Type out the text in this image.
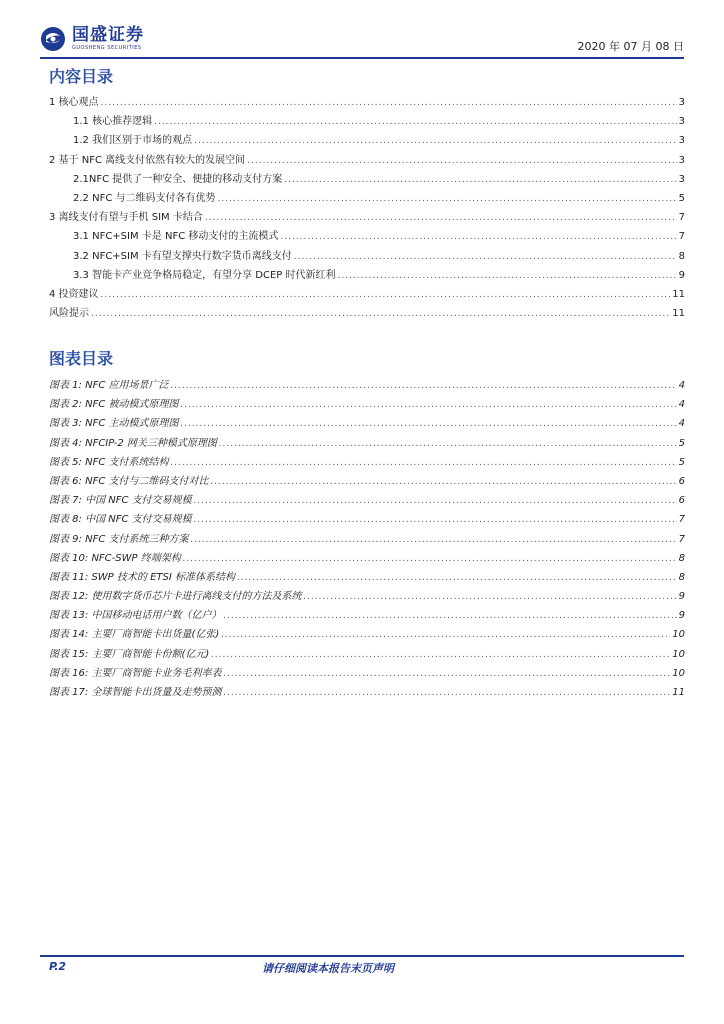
国盛证券
GUOSHENG SECURITIES	2020 年 07 月 08 日
内容目录
1 核心观点 .....	3
1.1 核心推荐逻辑 .....	3
1.2 我们区别于市场的观点 .....	3
2 基于 NFC 离线支付依然有较大的发展空间 .....	3
2.1NFC 提供了一种安全、便捷的移动支付方案 .....	3
2.2 NFC 与二维码支付各有优势 .....	5
3 离线支付有望与手机 SIM 卡结合 .....	7
3.1 NFC+SIM 卡是 NFC 移动支付的主流模式 .....	7
3.2 NFC+SIM 卡有望支撑央行数字货币离线支付 .....	8
3.3 智能卡产业竞争格局稳定，有望分享 DCEP 时代新红利 .....	9
4 投资建议 .....	11
风险提示 .....	11
图表目录
图表 1: NFC 应用场景广泛 .....	4
图表 2: NFC 被动模式原理图 .....	4
图表 3: NFC 主动模式原理图 .....	4
图表 4: NFCIP-2 网关三种模式原理图 .....	5
图表 5: NFC 支付系统结构 .....	5
图表 6: NFC 支付与二维码支付对比 .....	6
图表 7: 中国 NFC 支付交易规模 .....	6
图表 8: 中国 NFC 支付交易规模 .....	7
图表 9: NFC 支付系统三种方案 .....	7
图表 10: NFC-SWP 终端架构 .....	8
图表 11: SWP 技术的 ETSI 标准体系结构 .....	8
图表 12: 使用数字货币芯片卡进行离线支付的方法及系统 .....	9
图表 13: 中国移动电话用户数（亿户） .....	9
图表 14: 主要厂商智能卡出货量(亿张) .....	10
图表 15: 主要厂商智能卡份额(亿元) .....	10
图表 16: 主要厂商智能卡业务毛利率表 .....	10
图表 17: 全球智能卡出货量及走势预测 .....	11
P.2	请仔细阅读本报告末页声明
